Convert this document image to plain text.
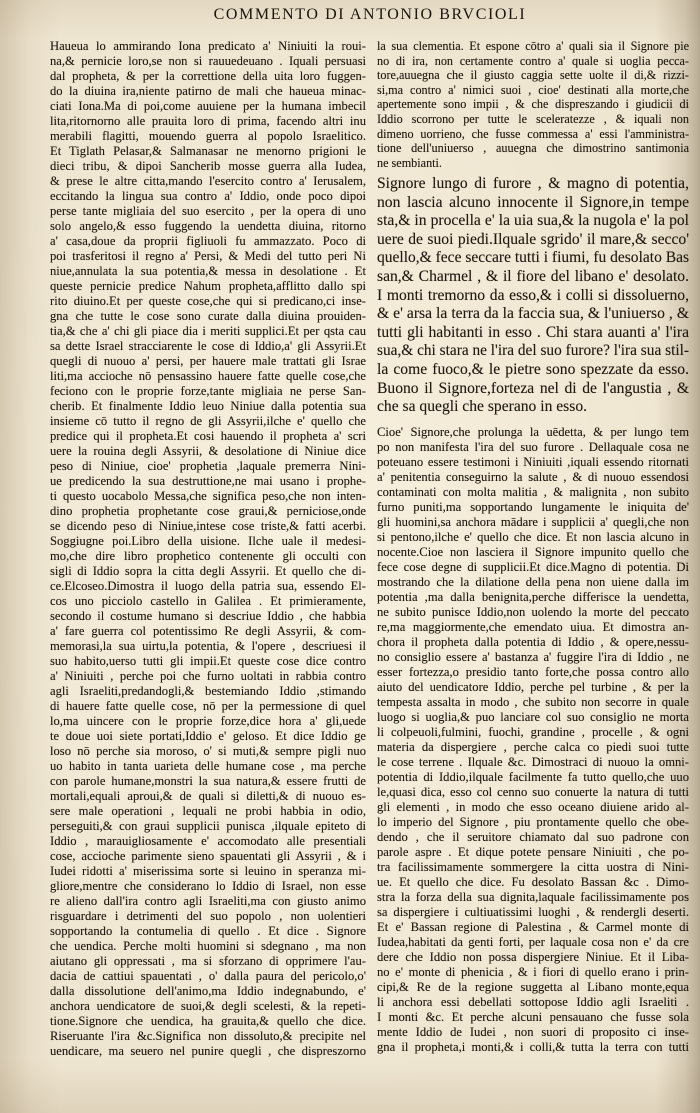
COMMENTO DI ANTONIO BRVCIOLI
Haueua lo ammirando Iona predicato a' Niniuiti la roui-
na,& pernicie loro,se non si rauuedeuano . Iquali persuasi
dal propheta, & per la correttione della uita loro fuggen-
do la diuina ira,niente patirno de mali che haueua minac-
ciati Iona.Ma di poi,come auuiene per la humana imbecil
lita,ritornorno alle prauita loro di prima, facendo altri inu
merabili flagitti, mouendo guerra al popolo Israelitico.
Et Tiglath Pelasar,& Salmanasar ne menorno prigioni le
dieci tribu, & dipoi Sancherib mosse guerra alla Iudea,
& prese le altre citta,mando l'esercito contro a' Ierusalem,
eccitando la lingua sua contro a' Iddio, onde poco dipoi
perse tante migliaia del suo esercito , per la opera di uno
solo angelo,& esso fuggendo la uendetta diuina, ritorno
a' casa,doue da proprii figliuoli fu ammazzato. Poco di
poi trasferitosi il regno a' Persi, & Medi del tutto peri Ni
niue,annulata la sua potentia,& messa in desolatione . Et
queste pernicie predice Nahum propheta,afflitto dallo spi
rito diuino.Et per queste cose,che qui si predicano,ci inse-
gna che tutte le cose sono curate dalla diuina prouiden-
tia,& che a' chi gli piace dia i meriti supplici.Et per qsta cau
sa dette Israel stracciarente le cose di Iddio,a' gli Assyrii.Et
quegli di nuouo a' persi, per hauere male trattati gli Israe
liti,ma accioche nō pensassino hauere fatte quelle cose,che
feciono con le proprie forze,tante migliaia ne perse San-
cherib. Et finalmente Iddio leuo Niniue dalla potentia sua
insieme cō tutto il regno de gli Assyrii,ilche e' quello che
predice qui il propheta.Et cosi hauendo il propheta a' scri
uere la rouina degli Assyrii, & desolatione di Niniue dice
peso di Niniue, cioe' prophetia ,laquale premerra Nini-
ue predicendo la sua destruttione,ne mai usano i prophe-
ti questo uocabolo Messa,che significa peso,che non inten-
dino prophetia prophetante cose graui,& perniciose,onde
se dicendo peso di Niniue,intese cose triste,& fatti acerbi.
Soggiugne poi.Libro della uisione. Ilche uale il medesi-
mo,che dire libro prophetico contenente gli occulti con
sigli di Iddio sopra la citta degli Assyrii. Et quello che di-
ce.Elcoseo.Dimostra il luogo della patria sua, essendo El-
cos uno picciolo castello in Galilea . Et primieramente,
secondo il costume humano si descriue Iddio , che habbia
a' fare guerra col potentissimo Re degli Assyrii, & com-
memorasi,la sua uirtu,la potentia, & l'opere , descriuesi il
suo habito,uerso tutti gli impii.Et queste cose dice contro
a' Niniuiti , perche poi che furno uoltati in rabbia contro
agli Israeliti,predandogli,& bestemiando Iddio ,stimando
di hauere fatte quelle cose, nō per la permessione di quel
lo,ma uincere con le proprie forze,dice hora a' gli,uede
te doue uoi siete portati,Iddio e' geloso. Et dice Iddio ge
loso nō perche sia moroso, o' si muti,& sempre pigli nuo
uo habito in tanta uarieta delle humane cose , ma perche
con parole humane,monstri la sua natura,& essere frutti de
mortali,equali aproui,& de quali si diletti,& di nuouo es-
sere male operationi , lequali ne probi habbia in odio,
perseguiti,& con graui supplicii punisca ,ilquale epiteto di
Iddio , marauigliosamente e' accomodato alle presentiali
cose, accioche parimente sieno spauentati gli Assyrii , & i
Iudei ridotti a' miserissima sorte si leuino in speranza mi-
gliore,mentre che considerano lo Iddio di Israel, non esse
re alieno dall'ira contro agli Israeliti,ma con giusto animo
risguardare i detrimenti del suo popolo , non uolentieri
sopportando la contumelia di quello . Et dice . Signore
che uendica. Perche molti huomini si sdegnano , ma non
aiutano gli oppressati , ma si sforzano di opprimere l'au-
dacia de cattiui spauentati , o' dalla paura del pericolo,o'
dalla dissolutione dell'animo,ma Iddio indegnabundo, e'
anchora uendicatore de suoi,& degli scelesti, & la repeti-
tione.Signore che uendica, ha grauita,& quello che dice.
Riseruante l'ira &c.Significa non dissoluto,& precipite nel
uendicare, ma seuero nel punire quegli , che dispreszorno
la sua clementia. Et espone cōtro a' quali sia il Signore pie
no di ira, non certamente contro a' quale si uoglia pecca-
tore,auuegna che il giusto caggia sette uolte il di,& rizzi-
si,ma contro a' nimici suoi , cioe' destinati alla morte,che
apertemente sono impii , & che dispreszando i giudicii di
Iddio scorrono per tutte le sceleratezze , & iquali non
dimeno uorrieno, che fusse commessa a' essi l'amministra-
tione dell'uniuerso , auuegna che dimostrino santimonia
ne sembianti.
Signore lungo di furore , & magno di potentia,
non lascia alcuno innocente il Signore,in tempe
sta,& in procella e' la uia sua,& la nugola e' la pol
uere de suoi piedi.Ilquale sgrido' il mare,& secco'
quello,& fece seccare tutti i fiumi, fu desolato Bas
san,& Charmel , & il fiore del libano e' desolato.
I monti tremorno da esso,& i colli si dissoluerno,
& e' arsa la terra da la faccia sua, & l'uniuerso , &
tutti gli habitanti in esso . Chi stara auanti a' l'ira
sua,& chi stara ne l'ira del suo furore? l'ira sua stil-
la come fuoco,& le pietre sono spezzate da esso.
Buono il Signore,forteza nel di de l'angustia , &
che sa quegli che sperano in esso.
Cioe' Signore,che prolunga la uēdetta, & per lungo tem
po non manifesta l'ira del suo furore . Dellaquale cosa ne
poteuano essere testimoni i Niniuiti ,iquali essendo ritornati
a' penitentia conseguirno la salute , & di nuouo essendosi
contaminati con molta malitia , & malignita , non subito
furno puniti,ma sopportando lungamente le iniquita de'
gli huomini,sa anchora mādare i supplicii a' quegli,che non
si pentono,ilche e' quello che dice. Et non lascia alcuno in
nocente.Cioe non lasciera il Signore impunito quello che
fece cose degne di supplicii.Et dice.Magno di potentia. Di
mostrando che la dilatione della pena non uiene dalla im
potentia ,ma dalla benignita,perche differisce la uendetta,
ne subito punisce Iddio,non uolendo la morte del peccato
re,ma maggiormente,che emendato uiua. Et dimostra an-
chora il propheta dalla potentia di Iddio , & opere,nessu-
no consiglio essere a' bastanza a' fuggire l'ira di Iddio , ne
esser fortezza,o presidio tanto forte,che possa contro allo
aiuto del uendicatore Iddio, perche pel turbine , & per la
tempesta assalta in modo , che subito non secorre in quale
luogo si uoglia,& puo lanciare col suo consiglio ne morta
li colpeuoli,fulmini, fuochi, grandine , procelle , & ogni
materia da dispergiere , perche calca co piedi suoi tutte
le cose terrene . Ilquale &c. Dimostraci di nuouo la omni-
potentia di Iddio,ilquale facilmente fa tutto quello,che uuo
le,quasi dica, esso col cenno suo conuerte la natura di tutti
gli elementi , in modo che esso oceano diuiene arido al-
lo imperio del Signore , piu prontamente quello che obe-
dendo , che il seruitore chiamato dal suo padrone con
parole aspre . Et dique potete pensare Niniuiti , che po-
tra facilissimamente sommergere la citta uostra di Nini-
ue. Et quello che dice. Fu desolato Bassan &c . Dimo-
stra la forza della sua dignita,laquale facilissimamente pos
sa dispergiere i cultiuatissimi luoghi , & rendergli deserti.
Et e' Bassan regione di Palestina , & Carmel monte di
Iudea,habitati da genti forti, per laquale cosa non e' da cre
dere che Iddio non possa dispergiere Niniue. Et il Liba-
no e' monte di phenicia , & i fiori di quello erano i prin-
cipi,& Re de la regione suggetta al Libano monte,equa
li anchora essi debellati sottopose Iddio agli Israeliti .
I monti &c. Et perche alcuni pensauano che fusse sola
mente Iddio de Iudei , non suori di proposito ci inse-
gna il propheta,i monti,& i colli,& tutta la terra con tutti
